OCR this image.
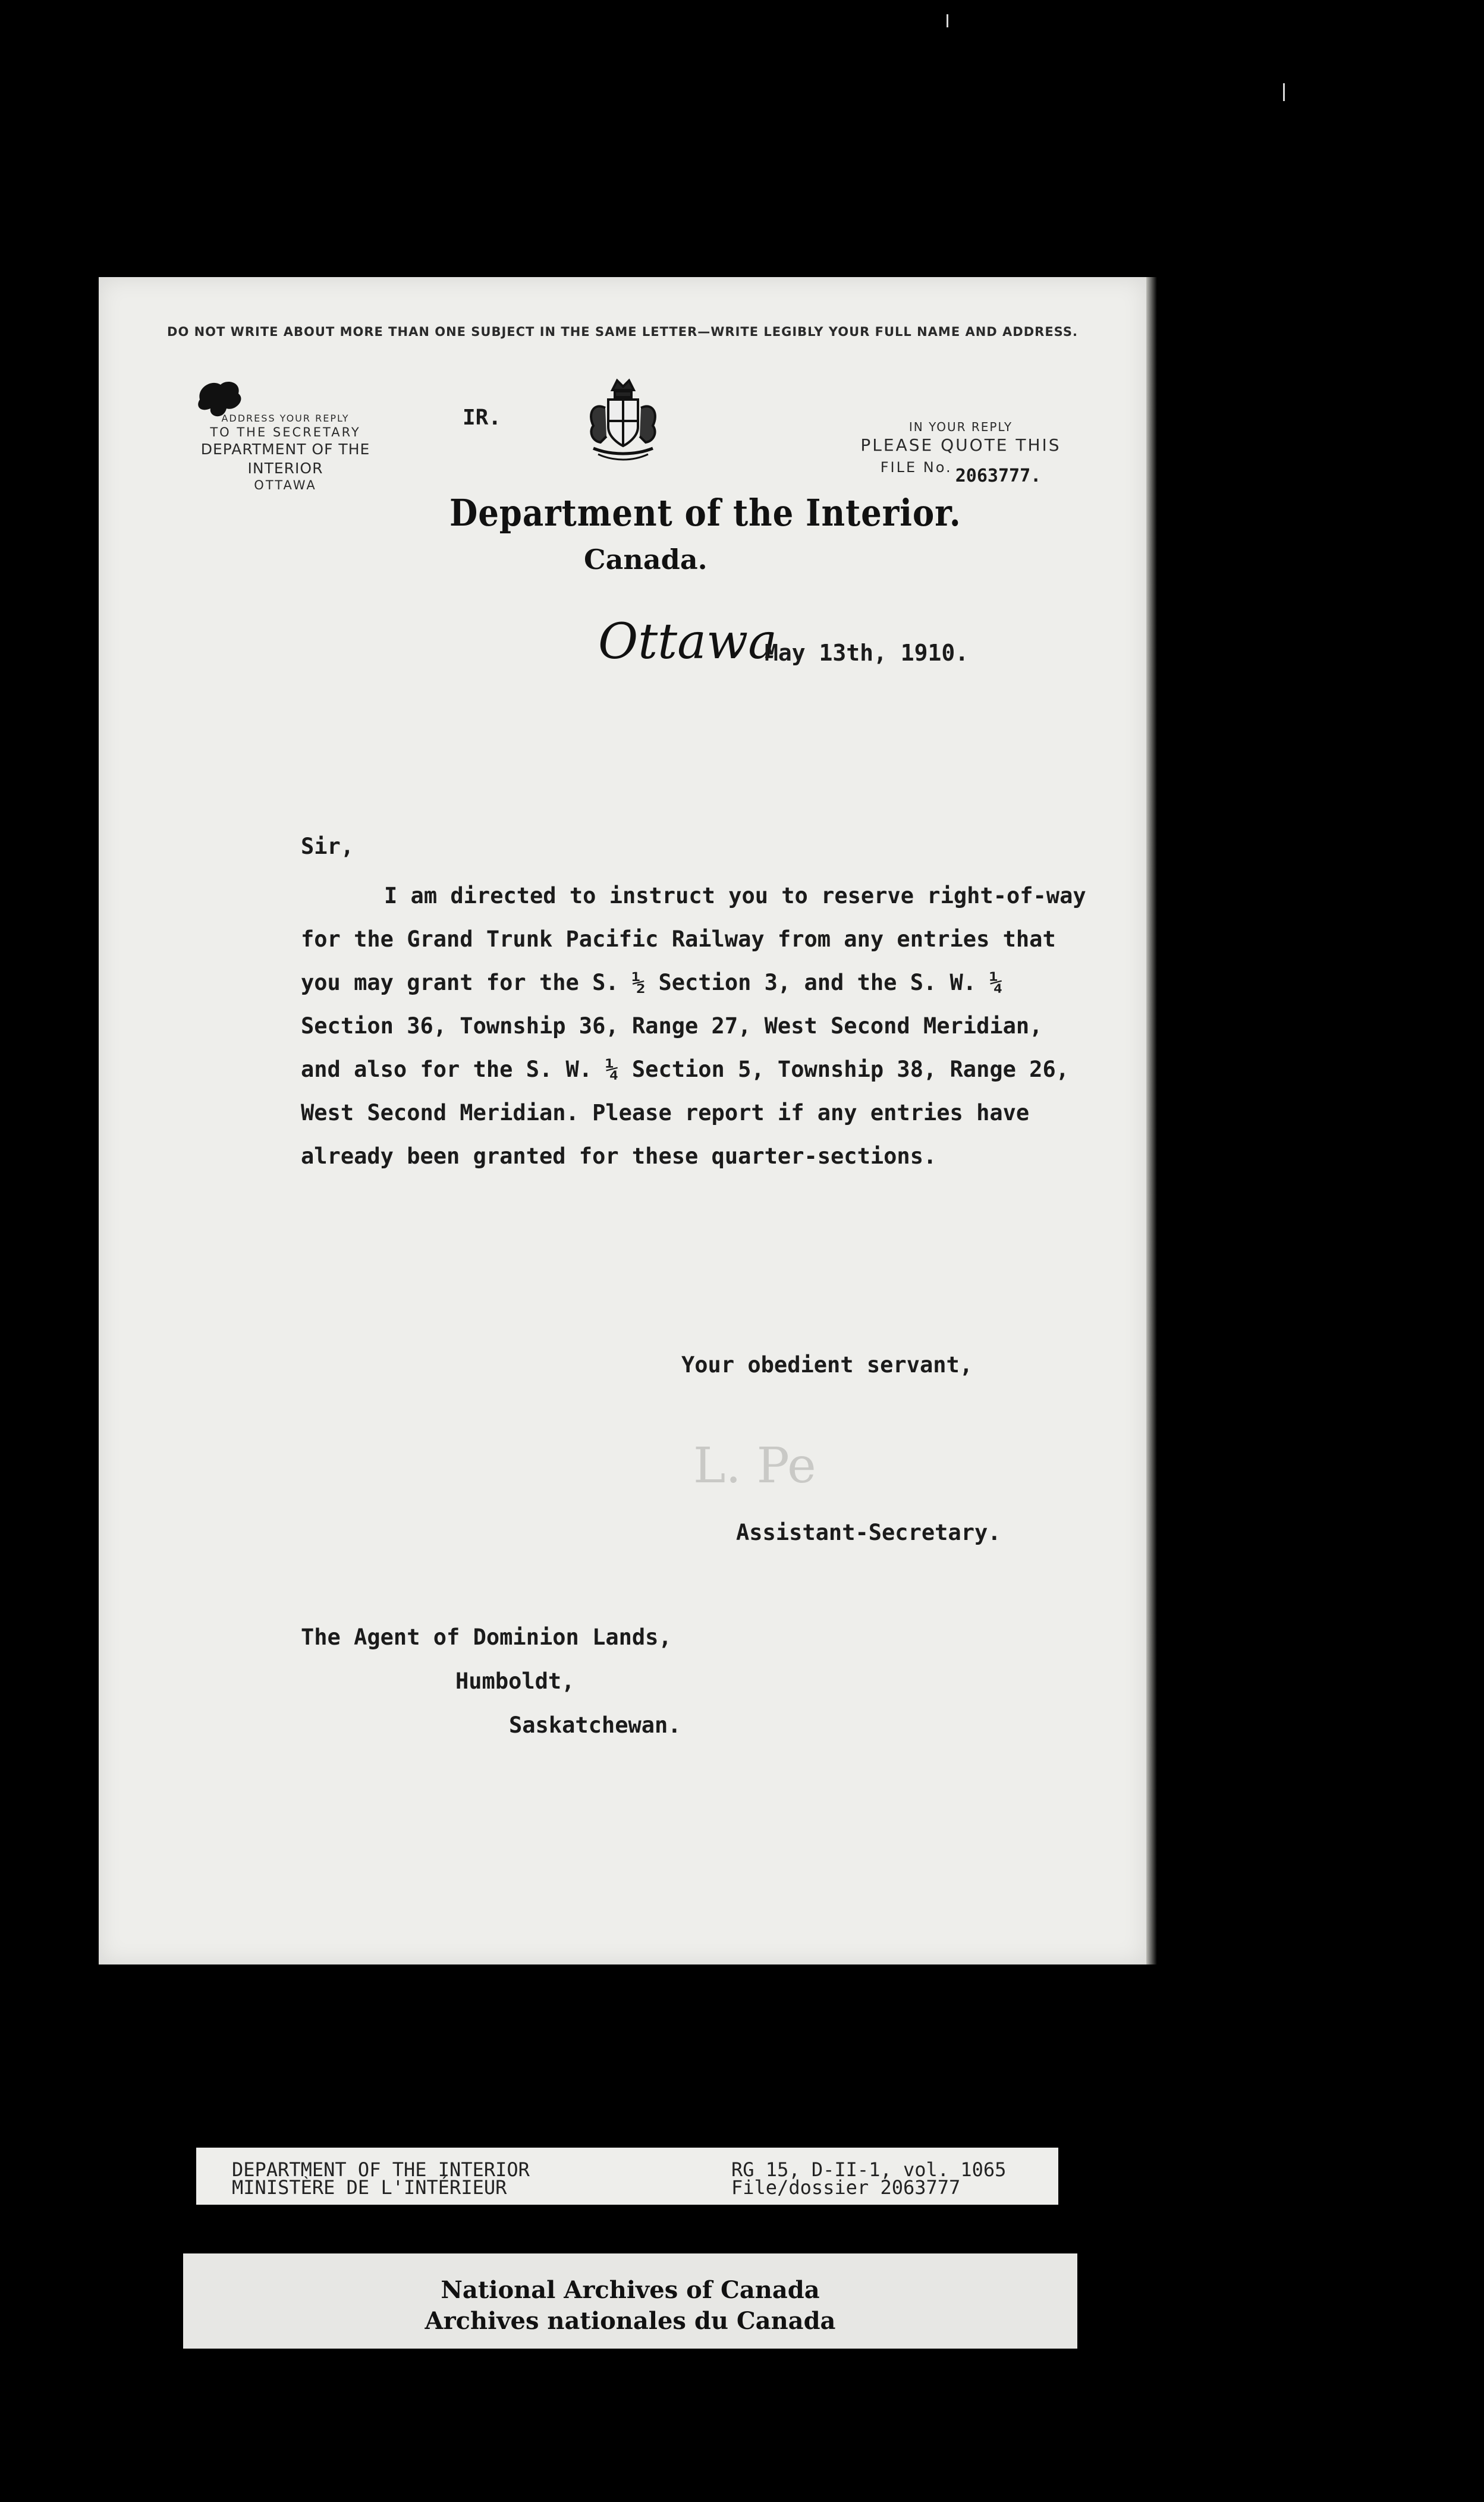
DO NOT WRITE ABOUT MORE THAN ONE SUBJECT IN THE SAME LETTER—WRITE LEGIBLY YOUR FULL NAME AND ADDRESS.
ADDRESS YOUR REPLY
TO THE SECRETARY
DEPARTMENT OF THE INTERIOR
OTTAWA
IR.	IN YOUR REPLY
PLEASE QUOTE THIS
FILE No. 2063777.
Department of the Interior.
Canada.
Ottawa
May 13th, 1910.
Sir,

I am directed to instruct you to reserve right-of-way

for the Grand Trunk Pacific Railway from any entries that

you may grant for the S. ½ Section 3, and the S. W. ¼

Section 36, Township 36, Range 27, West Second Meridian,

and also for the S. W. ¼ Section 5, Township 38, Range 26,

West Second Meridian. Please report if any entries have

already been granted for these quarter-sections.

Your obedient servant,
L. Pe
Assistant-Secretary.
The Agent of Dominion Lands,
Humboldt,
Saskatchewan.
DEPARTMENT OF THE INTERIOR
MINISTÈRE DE L'INTÉRIEUR
RG 15, D-II-1, vol. 1065
File/dossier 2063777
National Archives of Canada
Archives nationales du Canada
